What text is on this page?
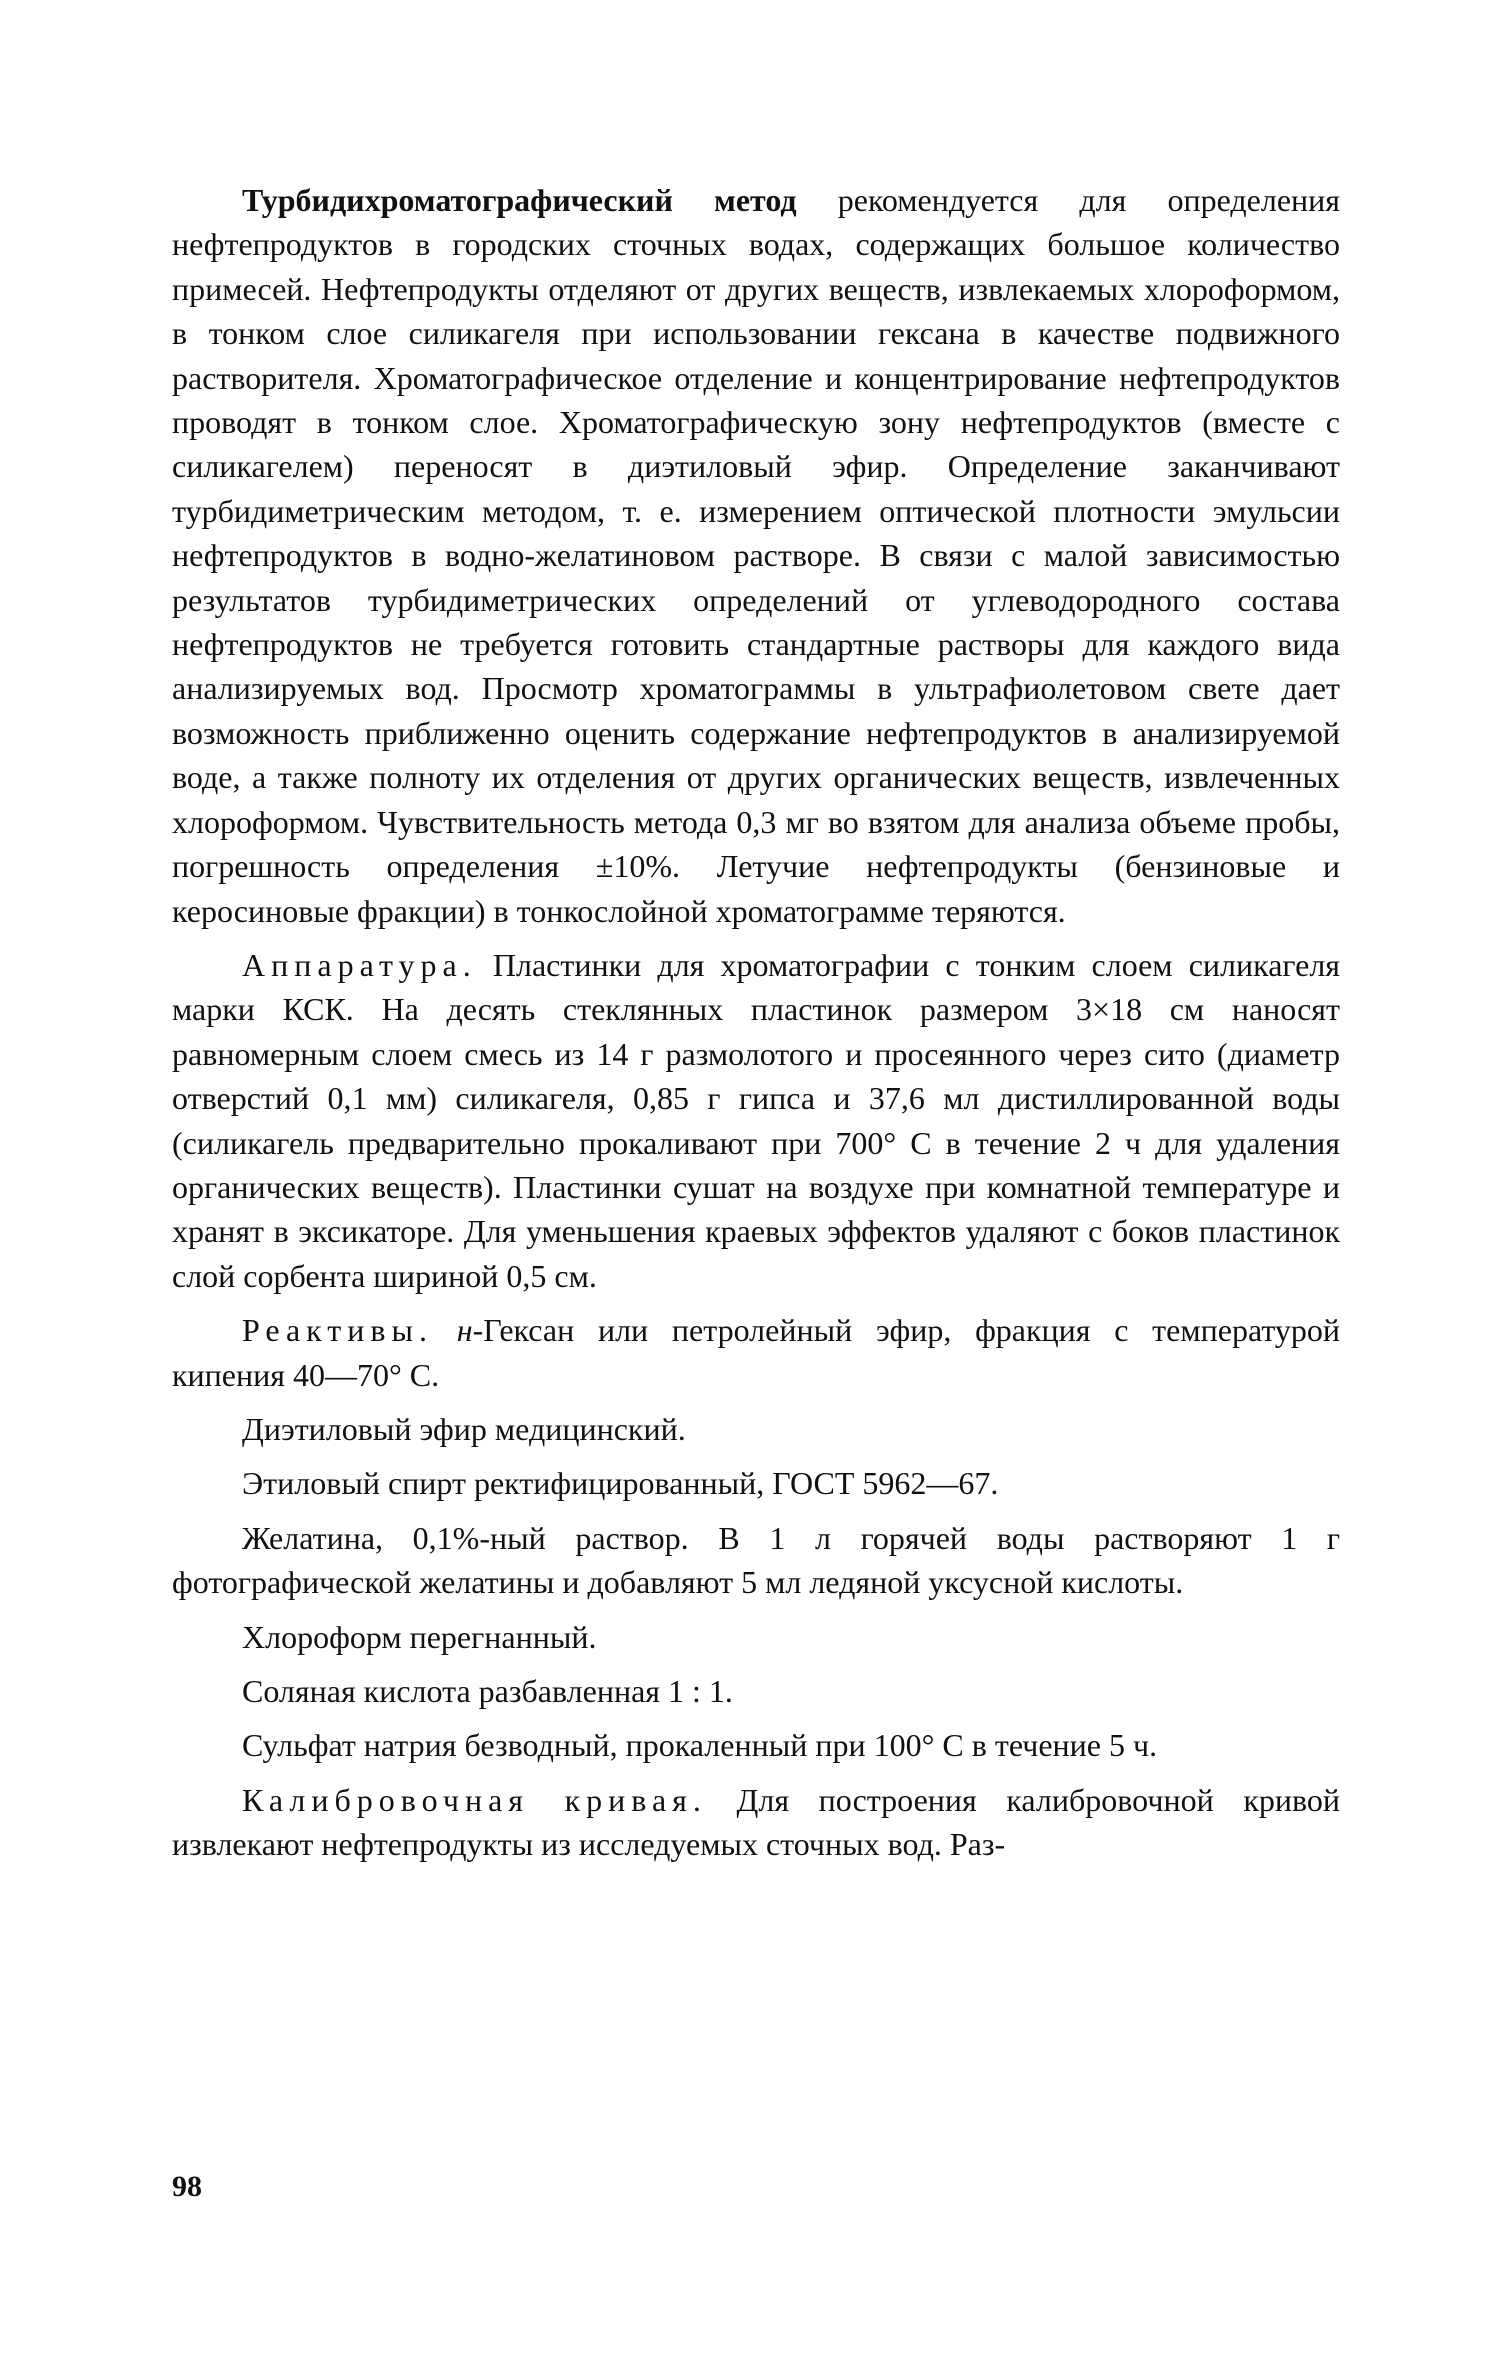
Турбидихроматографический метод рекомендуется для определения нефтепродуктов в городских сточных водах, содержащих большое количество примесей. Нефтепродукты отделяют от других веществ, извлекаемых хлороформом, в тонком слое силикагеля при использовании гексана в качестве подвижного растворителя. Хроматографическое отделение и концентрирование нефтепродуктов проводят в тонком слое. Хроматографическую зону нефтепродуктов (вместе с силикагелем) переносят в диэтиловый эфир. Определение заканчивают турбидиметрическим методом, т. е. измерением оптической плотности эмульсии нефтепродуктов в водно-желатиновом растворе. В связи с малой зависимостью результатов турбидиметрических определений от углеводородного состава нефтепродуктов не требуется готовить стандартные растворы для каждого вида анализируемых вод. Просмотр хроматограммы в ультрафиолетовом свете дает возможность приближенно оценить содержание нефтепродуктов в анализируемой воде, а также полноту их отделения от других органических веществ, извлеченных хлороформом. Чувствительность метода 0,3 мг во взятом для анализа объеме пробы, погрешность определения ±10%. Летучие нефтепродукты (бензиновые и керосиновые фракции) в тонкослойной хроматограмме теряются.

Аппаратура. Пластинки для хроматографии с тонким слоем силикагеля марки КСК. На десять стеклянных пластинок размером 3×18 см наносят равномерным слоем смесь из 14 г размолотого и просеянного через сито (диаметр отверстий 0,1 мм) силикагеля, 0,85 г гипса и 37,6 мл дистиллированной воды (силикагель предварительно прокаливают при 700° С в течение 2 ч для удаления органических веществ). Пластинки сушат на воздухе при комнатной температуре и хранят в эксикаторе. Для уменьшения краевых эффектов удаляют с боков пластинок слой сорбента шириной 0,5 см.

Реактивы. н-Гексан или петролейный эфир, фракция с температурой кипения 40—70° С.

Диэтиловый эфир медицинский.

Этиловый спирт ректифицированный, ГОСТ 5962—67.

Желатина, 0,1%-ный раствор. В 1 л горячей воды растворяют 1 г фотографической желатины и добавляют 5 мл ледяной уксусной кислоты.

Хлороформ перегнанный.

Соляная кислота разбавленная 1 : 1.

Сульфат натрия безводный, прокаленный при 100° С в течение 5 ч.

Калибровочная кривая. Для построения калибровочной кривой извлекают нефтепродукты из исследуемых сточных вод. Раз-

98
